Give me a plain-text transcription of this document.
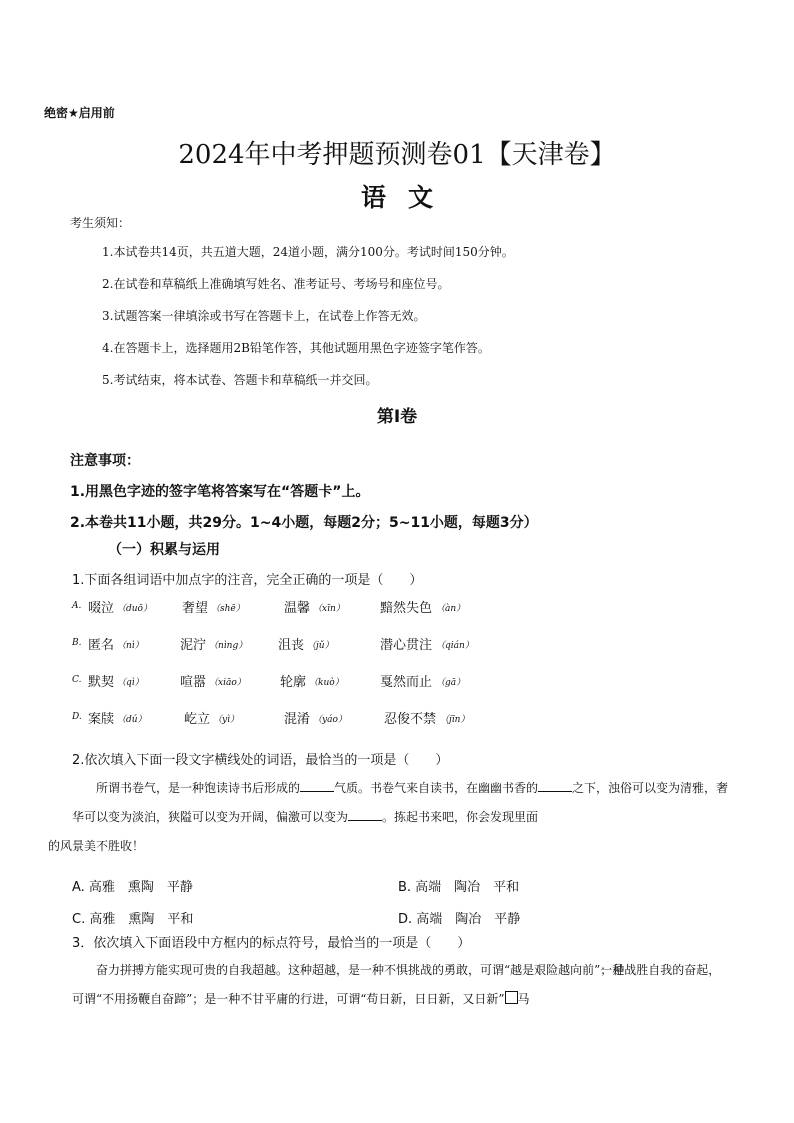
绝密★启用前
2024年中考押题预测卷01【天津卷】
语文
考生须知：
1.本试卷共14页，共五道大题，24道小题，满分100分。考试时间150分钟。
2.在试卷和草稿纸上准确填写姓名、准考证号、考场号和座位号。
3.试题答案一律填涂或书写在答题卡上，在试卷上作答无效。
4.在答题卡上，选择题用2B铅笔作答，其他试题用黑色字迹签字笔作答。
5.考试结束，将本试卷、答题卡和草稿纸一并交回。
第Ⅰ卷
注意事项：
1.用黑色字迹的签字笔将答案写在“答题卡”上。
2.本卷共11小题，共29分。1~4小题，每题2分；5~11小题，每题3分）
（一）积累与运用
1.下面各组词语中加点字的注音，完全正确的一项是（　　）
A. 啜泣 （duō） 奢望 （shē）	温馨 （xīn）	黯然失色 （àn）
B. 匿名 （nì）	泥泞 （nìng） 沮丧 （jǔ）	潜心贯注 （qián）
C. 默契 （qì）	喧嚣 （xiāo）	轮廓 （kuò）	戛然而止 （gā）
D. 案牍 （dú）	屹立 （yì）	混淆 （yáo）	忍俊不禁 （jīn）
2.依次填入下面一段文字横线处的词语，最恰当的一项是（　　）
所谓书卷气，是一种饱读诗书后形成的	气质。书卷气来自读书，在幽幽书香的	之下，浊俗可以变为清雅，奢华可以变为淡泊，狭隘可以变为开阔，偏激可以变为	。拣起书来吧，你会发现里面
的风景美不胜收！
A. 高雅　熏陶　平静	B. 高端　陶冶　平和
C. 高雅　熏陶　平和	D. 高端　陶冶　平静
3．依次填入下面语段中方框内的标点符号，最恰当的一项是（　　）
奋力拼搏方能实现可贵的自我超越。这种超越，是一种不惧挑战的勇敢，可谓“越是艰险越向前”；是一种战胜自我的奋起，可谓“不用扬鞭自奋蹄”；是一种不甘平庸的行进，可谓“苟日新，日日新，又日新” 马
